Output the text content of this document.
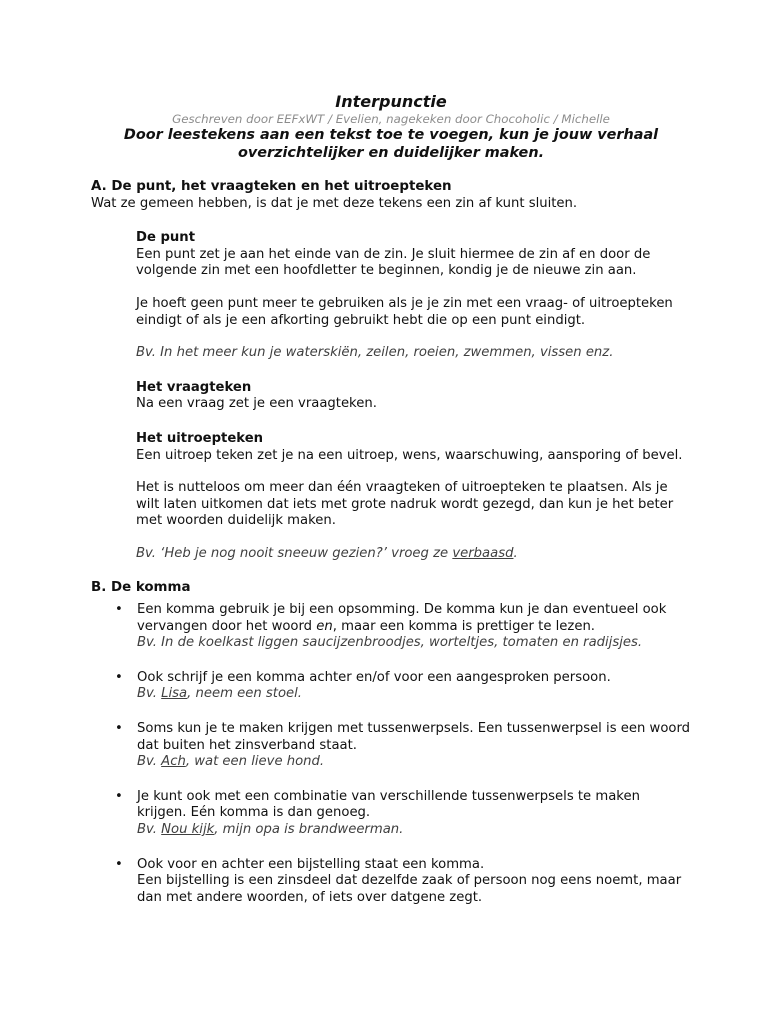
Interpunctie
Geschreven door EEFxWT / Evelien, nagekeken door Chocoholic / Michelle
Door leestekens aan een tekst toe te voegen, kun je jouw verhaal overzichtelijker en duidelijker maken.
A. De punt, het vraagteken en het uitroepteken

Wat ze gemeen hebben, is dat je met deze tekens een zin af kunt sluiten.

De punt

Een punt zet je aan het einde van de zin. Je sluit hiermee de zin af en door de volgende zin met een hoofdletter te beginnen, kondig je de nieuwe zin aan.

Je hoeft geen punt meer te gebruiken als je je zin met een vraag- of uitroepteken eindigt of als je een afkorting gebruikt hebt die op een punt eindigt.

Bv. In het meer kun je waterskiën, zeilen, roeien, zwemmen, vissen enz.

Het vraagteken

Na een vraag zet je een vraagteken.

Het uitroepteken

Een uitroep teken zet je na een uitroep, wens, waarschuwing, aansporing of bevel.

Het is nutteloos om meer dan één vraagteken of uitroepteken te plaatsen. Als je wilt laten uitkomen dat iets met grote nadruk wordt gezegd, dan kun je het beter met woorden duidelijk maken.

Bv. ‘Heb je nog nooit sneeuw gezien?’ vroeg ze verbaasd.

B. De komma
• Een komma gebruik je bij een opsomming. De komma kun je dan eventueel ook vervangen door het woord en, maar een komma is prettiger te lezen.
Bv. In de koelkast liggen saucijzenbroodjes, worteltjes, tomaten en radijsjes.
• Ook schrijf je een komma achter en/of voor een aangesproken persoon.
Bv. Lisa, neem een stoel.
• Soms kun je te maken krijgen met tussenwerpsels. Een tussenwerpsel is een woord dat buiten het zinsverband staat.
Bv. Ach, wat een lieve hond.
• Je kunt ook met een combinatie van verschillende tussenwerpsels te maken krijgen. Eén komma is dan genoeg.
Bv. Nou kijk, mijn opa is brandweerman.
• Ook voor en achter een bijstelling staat een komma.
Een bijstelling is een zinsdeel dat dezelfde zaak of persoon nog eens noemt, maar dan met andere woorden, of iets over datgene zegt.
